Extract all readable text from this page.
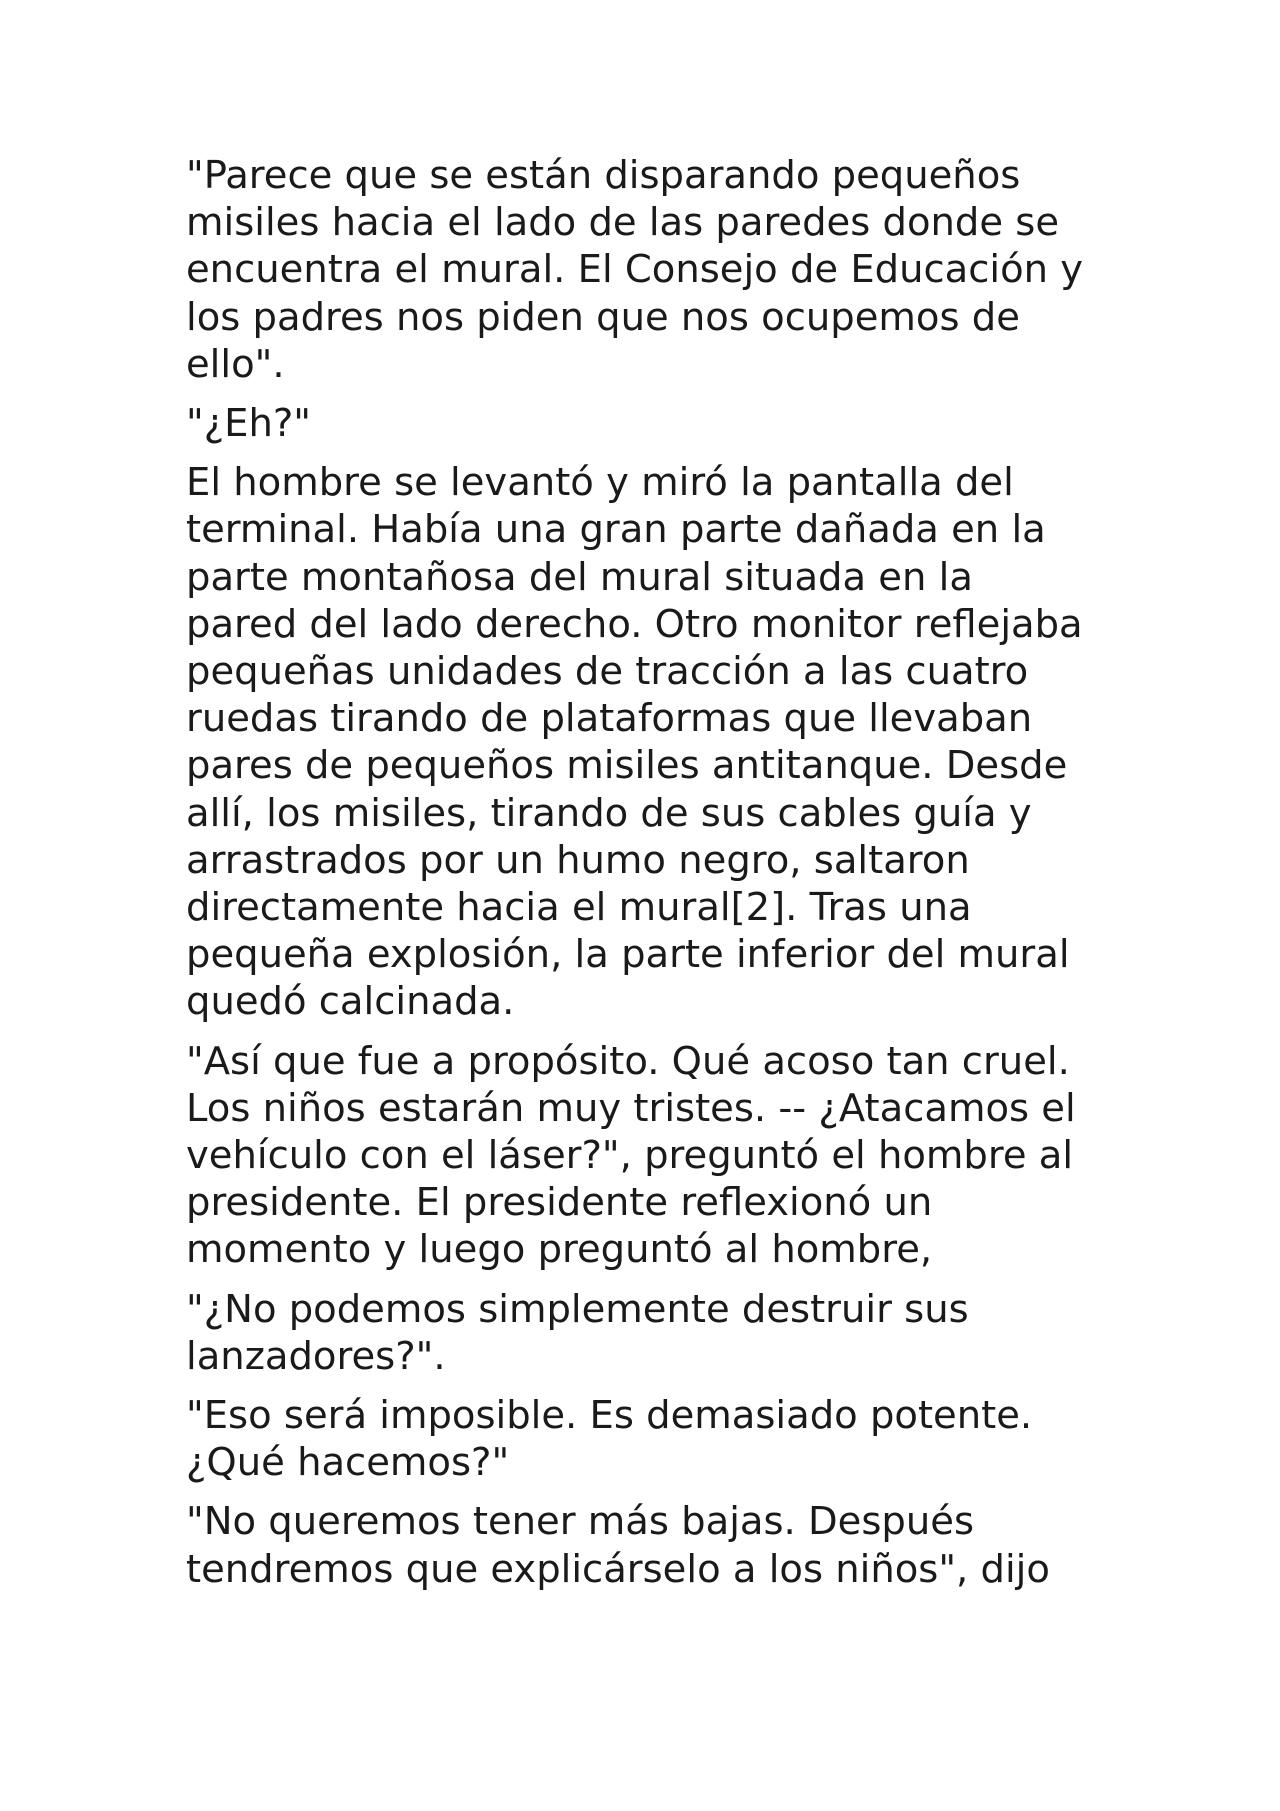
"Parece que se están disparando pequeños
misiles hacia el lado de las paredes donde se
encuentra el mural. El Consejo de Educación y
los padres nos piden que nos ocupemos de
ello".

"¿Eh?"

El hombre se levantó y miró la pantalla del
terminal. Había una gran parte dañada en la
parte montañosa del mural situada en la
pared del lado derecho. Otro monitor reflejaba
pequeñas unidades de tracción a las cuatro
ruedas tirando de plataformas que llevaban
pares de pequeños misiles antitanque. Desde
allí, los misiles, tirando de sus cables guía y
arrastrados por un humo negro, saltaron
directamente hacia el mural[2]. Tras una
pequeña explosión, la parte inferior del mural
quedó calcinada.

"Así que fue a propósito. Qué acoso tan cruel.
Los niños estarán muy tristes. -- ¿Atacamos el
vehículo con el láser?", preguntó el hombre al
presidente. El presidente reflexionó un
momento y luego preguntó al hombre,

"¿No podemos simplemente destruir sus
lanzadores?".

"Eso será imposible. Es demasiado potente.
¿Qué hacemos?"

"No queremos tener más bajas. Después
tendremos que explicárselo a los niños", dijo
